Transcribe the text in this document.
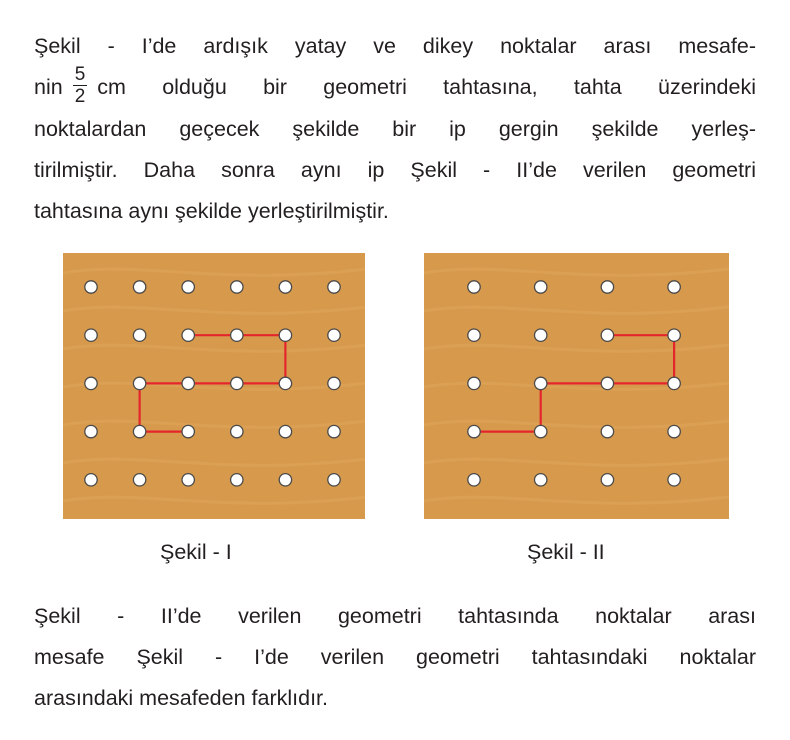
Şekil - I’de ardışık yatay ve dikey noktalar arası mesafe-
nin $\frac{5}{2}$ cm olduğu bir geometri tahtasına, tahta üzerindeki
noktalardan geçecek şekilde bir ip gergin şekilde yerleş-
tirilmiştir. Daha sonra aynı ip Şekil - II’de verilen geometri
tahtasına aynı şekilde yerleştirilmiştir.

Şekil - I	Şekil - II

Şekil - II’de verilen geometri tahtasında noktalar arası
mesafe Şekil - I’de verilen geometri tahtasındaki noktalar
arasındaki mesafeden farklıdır.
